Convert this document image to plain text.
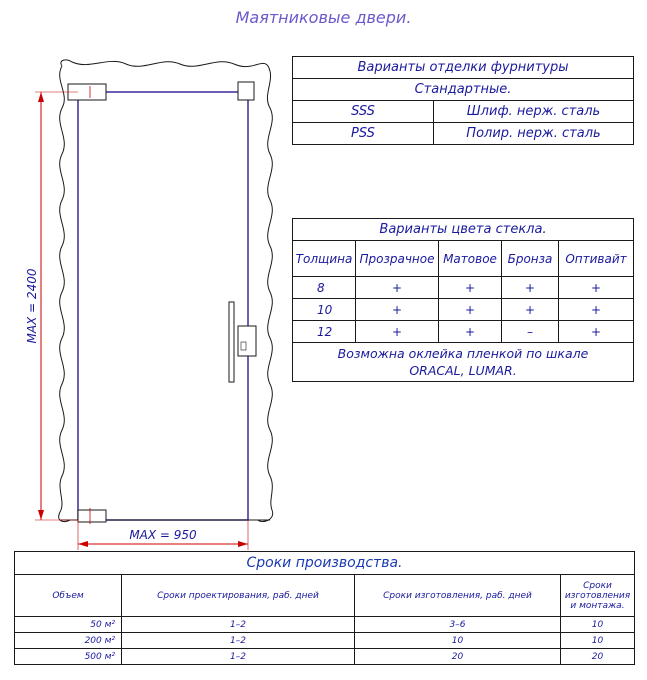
Маятниковые двери.
MAX = 2400
MAX = 950
Варианты отделки фурнитуры	
Стандартные.	
SSS	Шлиф. нерж. сталь
PSS	Полир. нерж. сталь
Варианты цвета стекла.				
Толщина	Прозрачное	Матовое	Бронза	Оптивайт
8	+	+	+	+
10	+	+	+	+
12	+	+	–	+
Возможна оклейка пленкой по шкале ORACAL, LUMAR.				
Сроки производства.			
Объем	Сроки проектирования, раб. дней	Сроки изготовления, раб. дней	Сроки изготовления и монтажа.
50 м²	1–2	3–6	10
200 м²	1–2	10	10
500 м²	1–2	20	20
